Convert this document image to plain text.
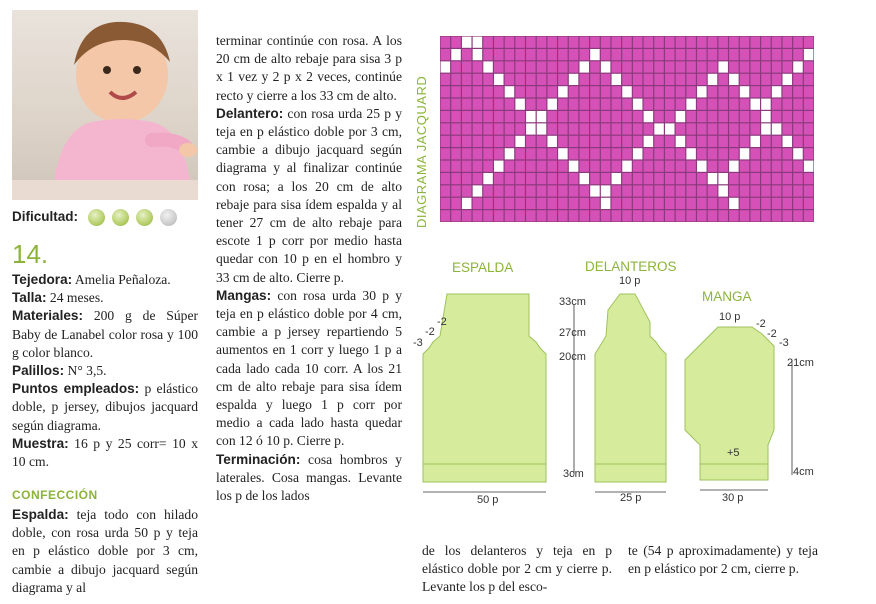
Dificultad:
14.

Tejedora: Amelia Peñaloza.

Talla: 24 meses.

Materiales: 200 g de Súper Baby de Lanabel color rosa y 100 g color blanco.

Palillos: N° 3,5.

Puntos empleados: p elástico doble, p jersey, dibujos jacquard según diagrama.

Muestra: 16 p y 25 corr= 10 x 10 cm.

CONFECCIÓN

Espalda: teja todo con hilado doble, con rosa urda 50 p y teja en p elástico doble por 3 cm, cambie a dibujo jacquard según diagrama y al

terminar continúe con rosa. A los 20 cm de alto rebaje para sisa 3 p x 1 vez y 2 p x 2 veces, continúe recto y cierre a los 33 cm de alto.

Delantero: con rosa urda 25 p y teja en p elástico doble por 3 cm, cambie a dibujo jacquard según diagrama y al finalizar continúe con rosa; a los 20 cm de alto rebaje para sisa ídem espalda y al tener 27 cm de alto rebaje para escote 1 p corr por medio hasta quedar con 10 p en el hombro y 33 cm de alto. Cierre p.

Mangas: con rosa urda 30 p y teja en p elástico doble por 4 cm, cambie a p jersey repartiendo 5 aumentos en 1 corr y luego 1 p a cada lado cada 10 corr. A los 21 cm de alto rebaje para sisa ídem espalda y luego 1 p corr por medio a cada lado hasta quedar con 12 ó 10 p. Cierre p.

Terminación: cosa hombros y laterales. Cosa mangas. Levante los p de los lados

de los delanteros y teja en p elástico doble por 2 cm y cierre p. Levante los p del esco-

te (54 p aproximadamente) y teja en p elástico por 2 cm, cierre p.

DIAGRAMA JACQUARD
ESPALDA	DELANTEROS
MANGA
33cm
27cm
20cm
3cm
21cm
4cm
50 p
10 p
25 p
10 p
30 p
+5
-3
-2
-2	-2
-2
-3
